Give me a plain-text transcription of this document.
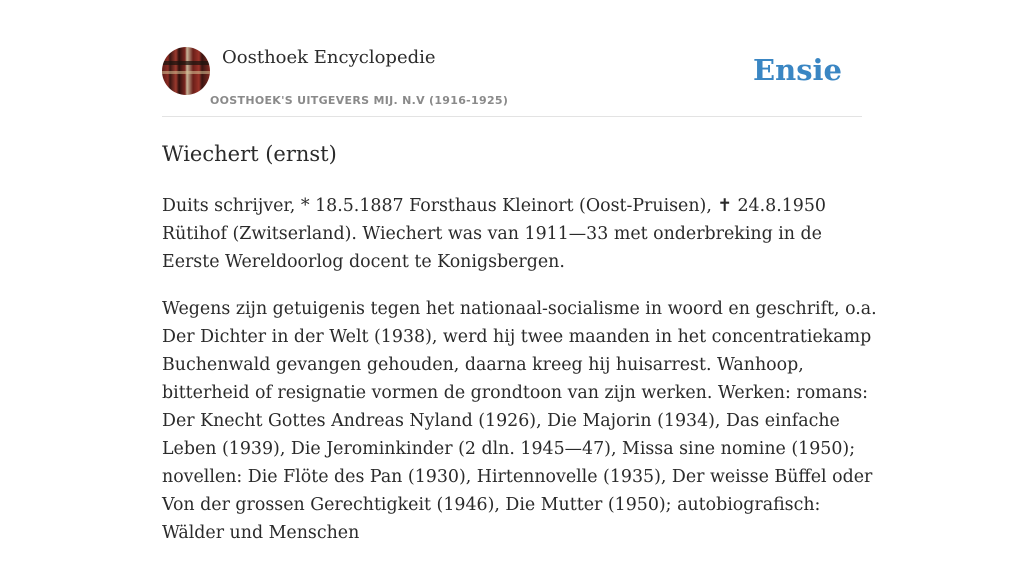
Oosthoek Encyclopedie
OOSTHOEK'S UITGEVERS MIJ. N.V (1916-1925)
Ensie
Wiechert (ernst)

Duits schrijver, * 18.5.1887 Forsthaus Kleinort (Oost-Pruisen), ✝ 24.8.1950 Rütihof (Zwitserland). Wiechert was van 1911—33 met onderbreking in de Eerste Wereldoorlog docent te Konigsbergen.

Wegens zijn getuigenis tegen het nationaal-socialisme in woord en geschrift, o.a. Der Dichter in der Welt (1938), werd hij twee maanden in het concentratiekamp Buchenwald gevangen gehouden, daarna kreeg hij huisarrest. Wanhoop, bitterheid of resignatie vormen de grondtoon van zijn werken. Werken: romans: Der Knecht Gottes Andreas Nyland (1926), Die Majorin (1934), Das einfache Leben (1939), Die Jerominkinder (2 dln. 1945—47), Missa sine nomine (1950); novellen: Die Flöte des Pan (1930), Hirtennovelle (1935), Der weisse Büffel oder Von der grossen Gerechtigkeit (1946), Die Mutter (1950); autobiografisch: Wälder und Menschen
